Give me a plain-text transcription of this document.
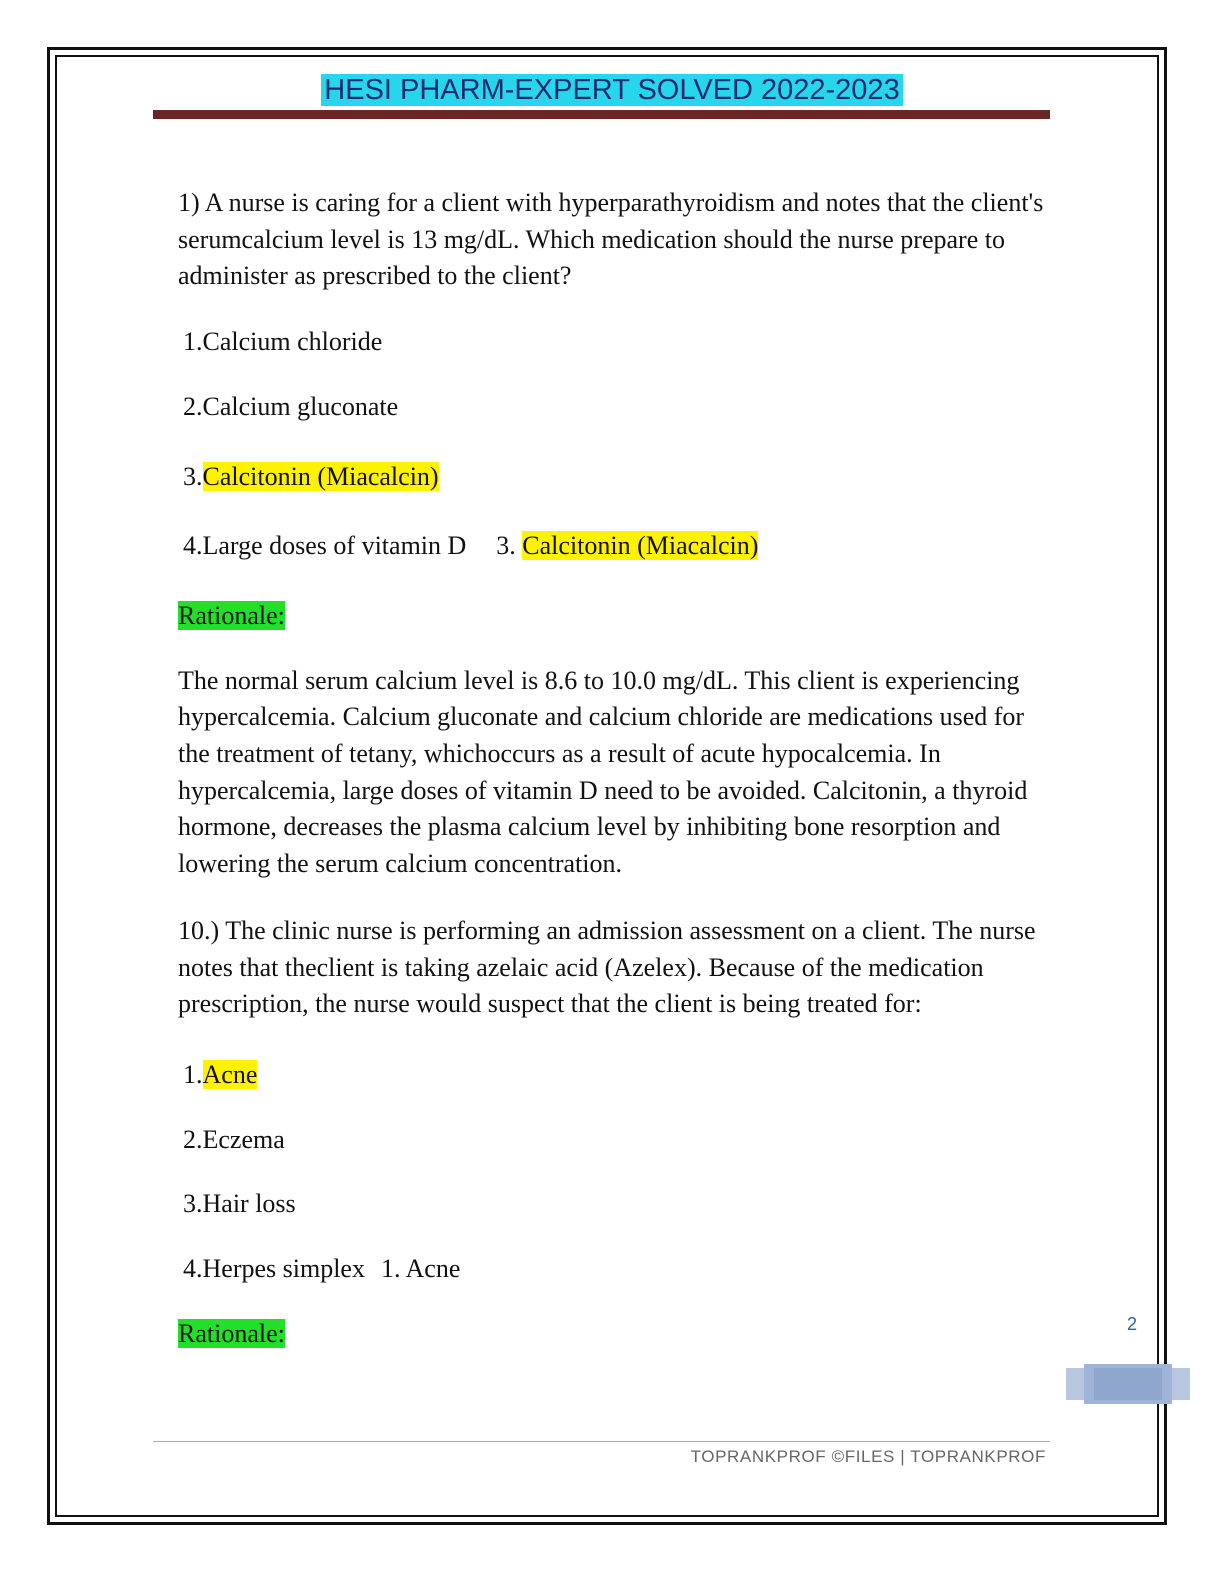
HESI PHARM-EXPERT SOLVED 2022-2023

1) A nurse is caring for a client with hyperparathyroidism and notes that the client's serumcalcium level is 13 mg/dL. Which medication should the nurse prepare to administer as prescribed to the client?

1.Calcium chloride

2.Calcium gluconate

3.Calcitonin (Miacalcin)

4.Large doses of vitamin D 3. Calcitonin (Miacalcin)

Rationale:

The normal serum calcium level is 8.6 to 10.0 mg/dL. This client is experiencing hypercalcemia. Calcium gluconate and calcium chloride are medications used for the treatment of tetany, whichoccurs as a result of acute hypocalcemia. In hypercalcemia, large doses of vitamin D need to be avoided. Calcitonin, a thyroid hormone, decreases the plasma calcium level by inhibiting bone resorption and lowering the serum calcium concentration.

10.) The clinic nurse is performing an admission assessment on a client. The nurse notes that theclient is taking azelaic acid (Azelex). Because of the medication prescription, the nurse would suspect that the client is being treated for:

1.Acne

2.Eczema

3.Hair loss

4.Herpes simplex 1. Acne

Rationale:	2
TOPRANKPROF ©FILES | TOPRANKPROF
